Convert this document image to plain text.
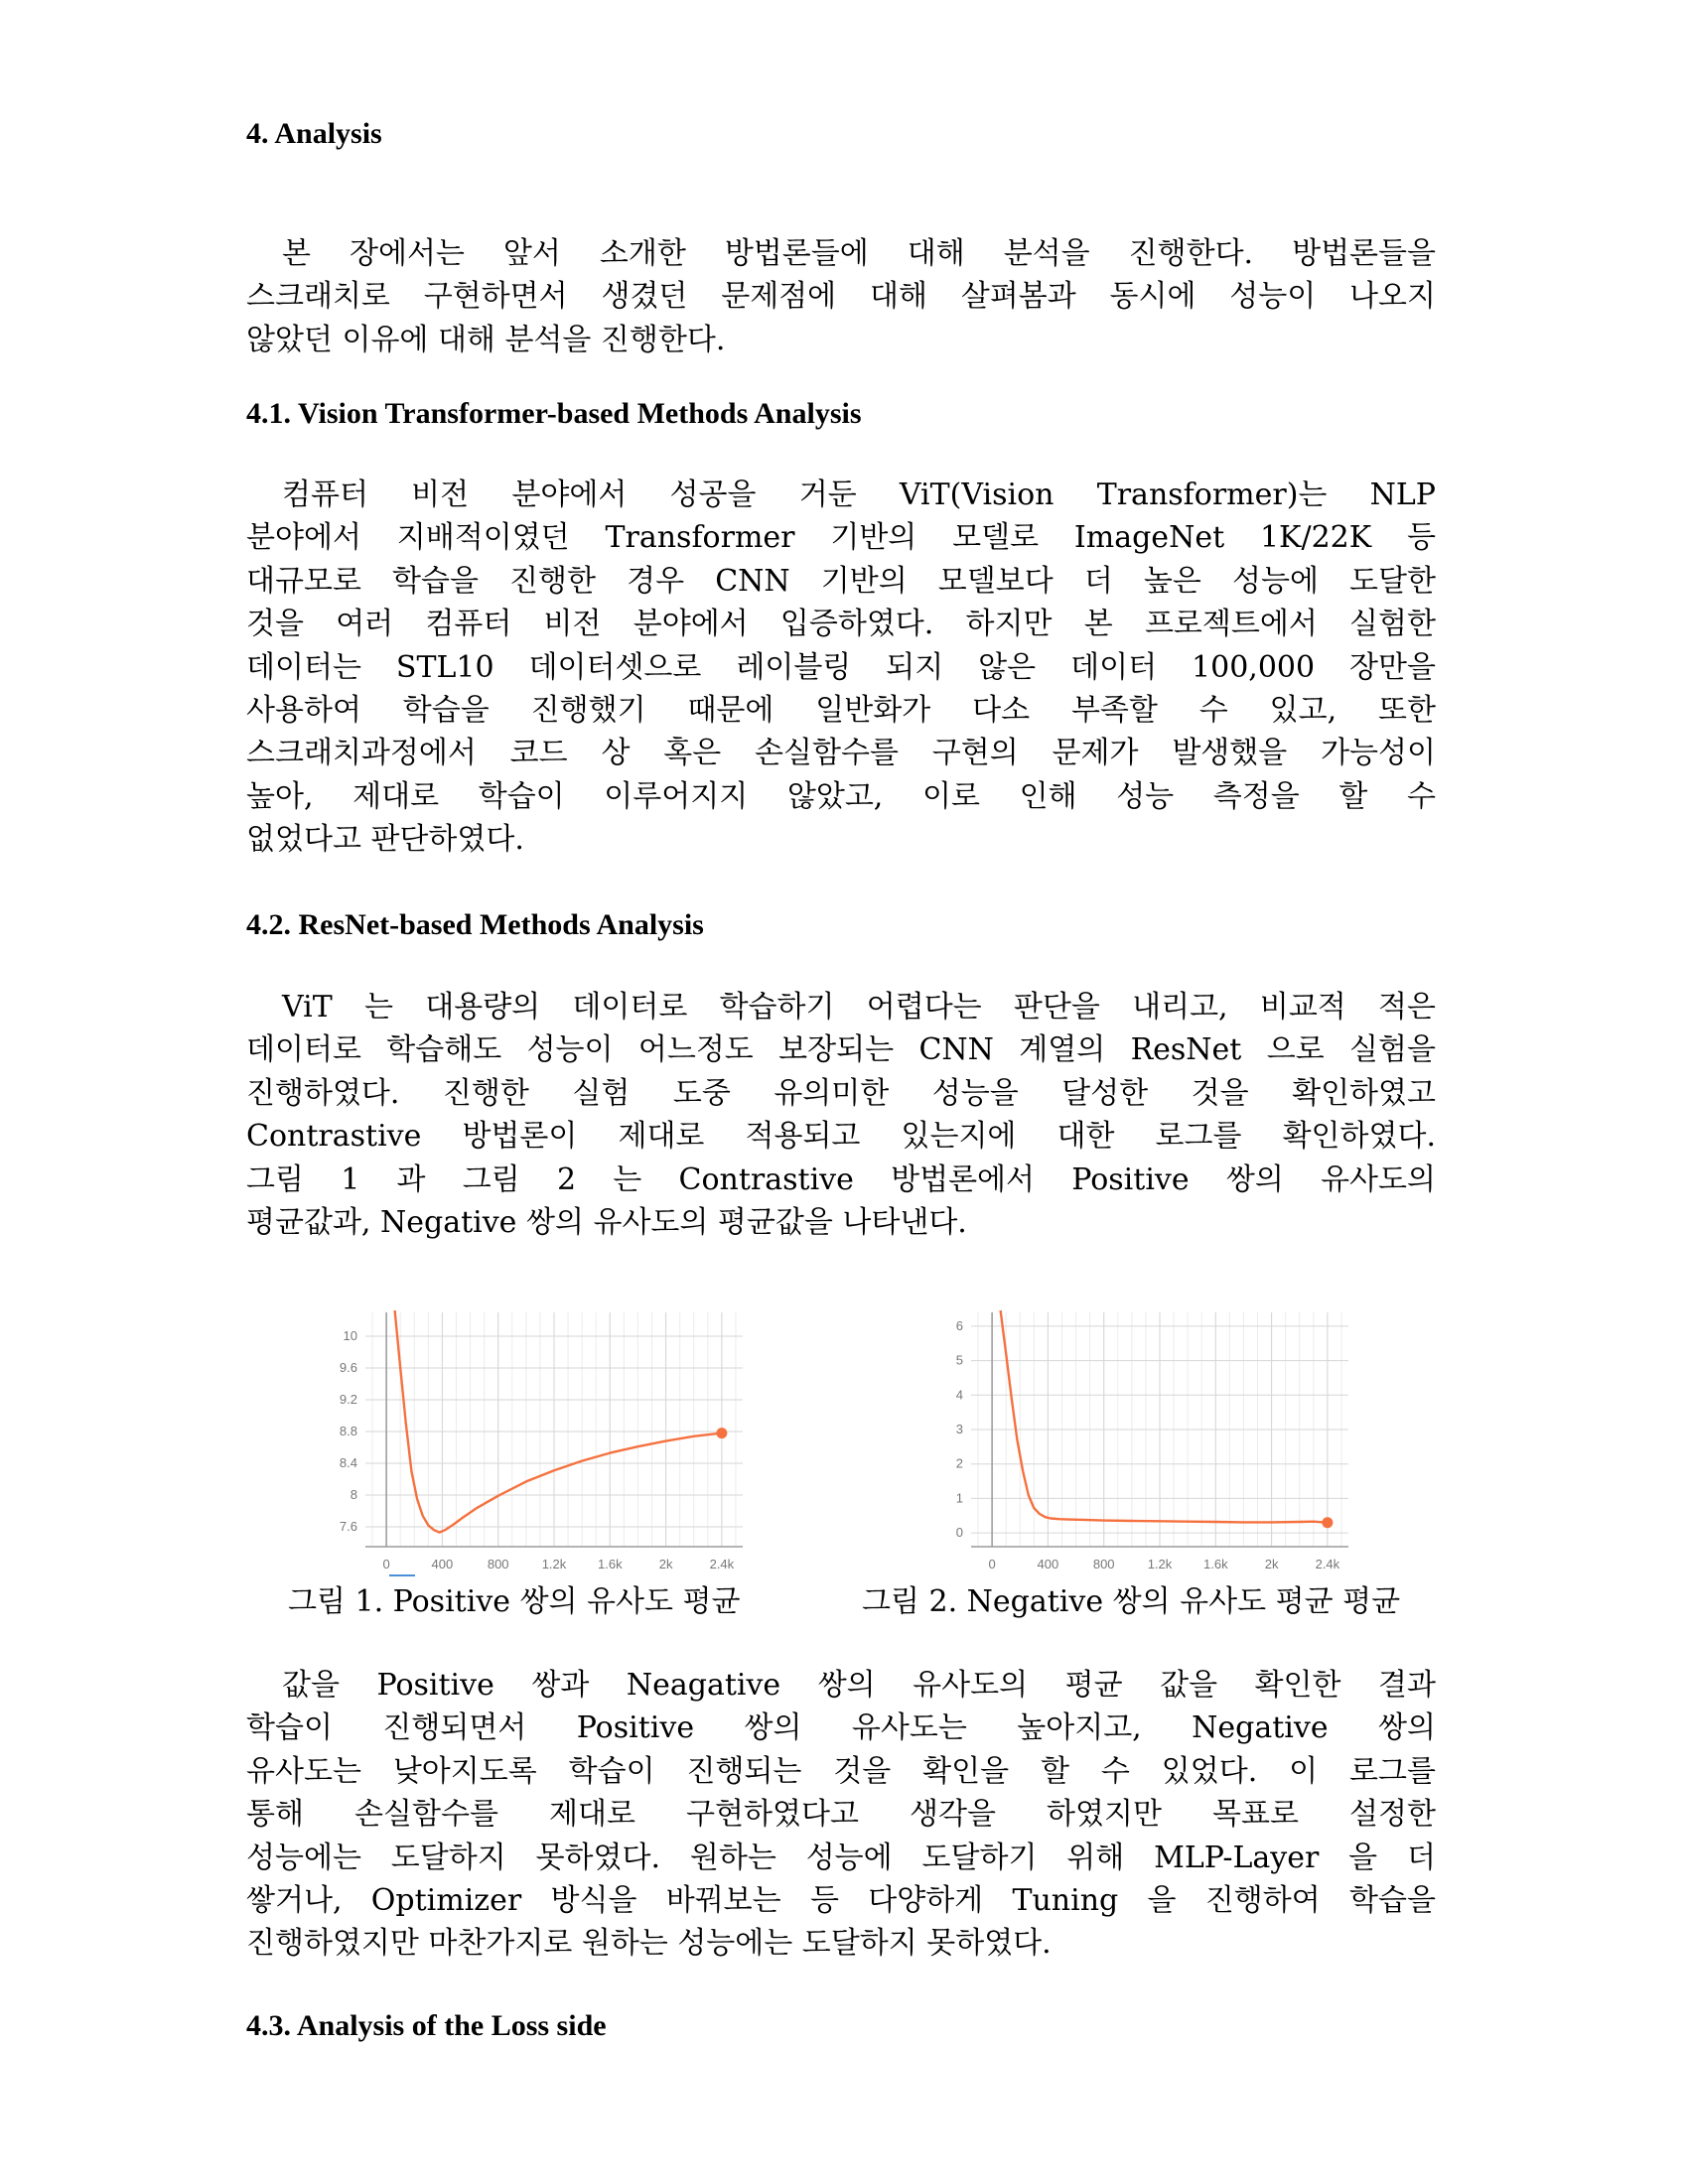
4. Analysis
본 장에서는 앞서 소개한 방법론들에 대해 분석을 진행한다. 방법론들을
스크래치로 구현하면서 생겼던 문제점에 대해 살펴봄과 동시에 성능이 나오지
않았던 이유에 대해 분석을 진행한다.
4.1. Vision Transformer-based Methods Analysis
컴퓨터 비전 분야에서 성공을 거둔 ViT(Vision Transformer)는 NLP
분야에서 지배적이였던 Transformer 기반의 모델로 ImageNet 1K/22K 등
대규모로 학습을 진행한 경우 CNN 기반의 모델보다 더 높은 성능에 도달한
것을 여러 컴퓨터 비전 분야에서 입증하였다. 하지만 본 프로젝트에서 실험한
데이터는 STL10 데이터셋으로 레이블링 되지 않은 데이터 100,000 장만을
사용하여 학습을 진행했기 때문에 일반화가 다소 부족할 수 있고, 또한
스크래치과정에서 코드 상 혹은 손실함수를 구현의 문제가 발생했을 가능성이
높아, 제대로 학습이 이루어지지 않았고, 이로 인해 성능 측정을 할 수
없었다고 판단하였다.
4.2. ResNet-based Methods Analysis
ViT 는 대용량의 데이터로 학습하기 어렵다는 판단을 내리고, 비교적 적은
데이터로 학습해도 성능이 어느정도 보장되는 CNN 계열의 ResNet 으로 실험을
진행하였다. 진행한 실험 도중 유의미한 성능을 달성한 것을 확인하였고
Contrastive 방법론이 제대로 적용되고 있는지에 대한 로그를 확인하였다.
그림 1 과 그림 2 는 Contrastive 방법론에서 Positive 쌍의 유사도의
평균값과, Negative 쌍의 유사도의 평균값을 나타낸다.
0	400	800	1.2k 1.6k	2k	2.4k
7.6
8
8.4
8.8
9.2
9.6
10
그림 1. Positive 쌍의 유사도 평균
0	400	800	1.2k 1.6k	2k	2.4k
0
1
2
3
4
5
6
그림 2. Negative 쌍의 유사도 평균 평균
값을 Positive 쌍과 Neagative 쌍의 유사도의 평균 값을 확인한 결과
학습이 진행되면서 Positive 쌍의 유사도는 높아지고, Negative 쌍의
유사도는 낮아지도록 학습이 진행되는 것을 확인을 할 수 있었다. 이 로그를
통해 손실함수를 제대로 구현하였다고 생각을 하였지만 목표로 설정한
성능에는 도달하지 못하였다. 원하는 성능에 도달하기 위해 MLP-Layer 을 더
쌓거나, Optimizer 방식을 바꿔보는 등 다양하게 Tuning 을 진행하여 학습을
진행하였지만 마찬가지로 원하는 성능에는 도달하지 못하였다.
4.3. Analysis of the Loss side
